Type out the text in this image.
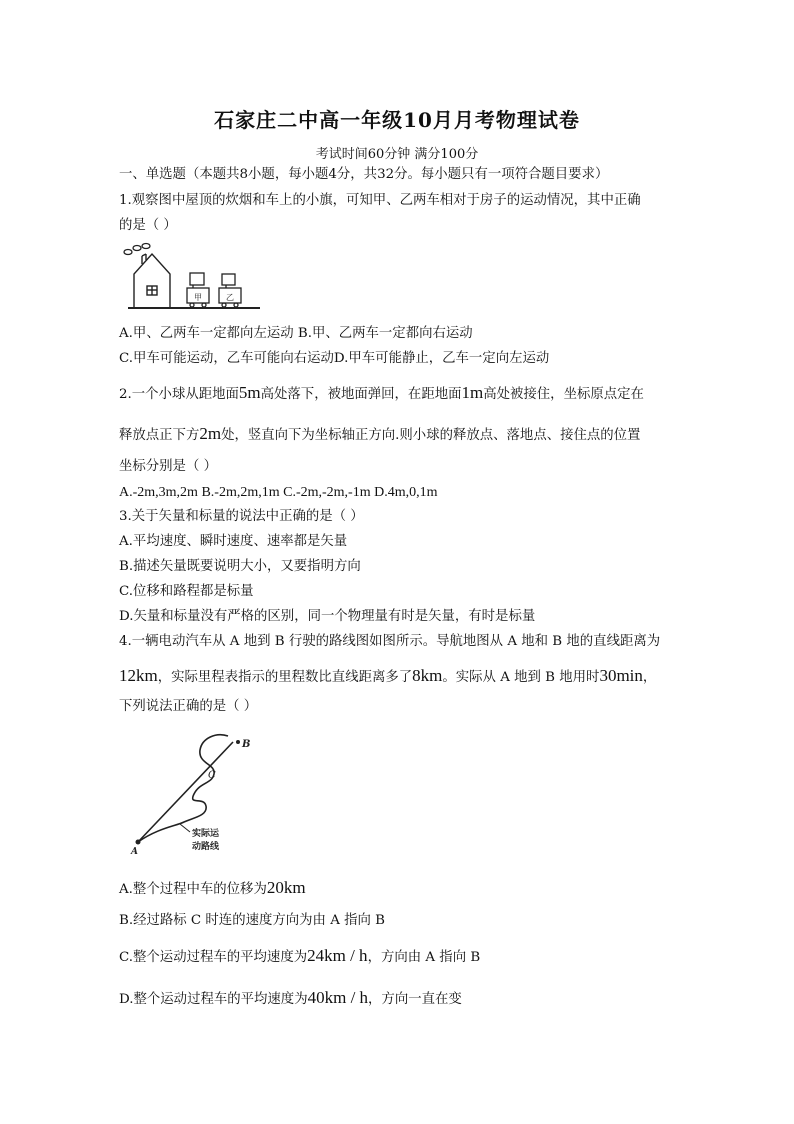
石家庄二中高一年级10月月考物理试卷
考试时间60分钟 满分100分
一、单选题（本题共8小题，每小题4分，共32分。每小题只有一项符合题目要求）
1.观察图中屋顶的炊烟和车上的小旗，可知甲、乙两车相对于房子的运动情况，其中正确
的是（ ）
甲	乙
A.甲、乙两车一定都向左运动 B.甲、乙两车一定都向右运动
C.甲车可能运动，乙车可能向右运动D.甲车可能静止，乙车一定向左运动
2.一个小球从距地面5m高处落下，被地面弹回，在距地面1m高处被接住，坐标原点定在
释放点正下方2m处，竖直向下为坐标轴正方向.则小球的释放点、落地点、接住点的位置
坐标分别是（ ）
A.-2m,3m,2m B.-2m,2m,1m C.-2m,-2m,-1m D.4m,0,1m
3.关于矢量和标量的说法中正确的是（ ）
A.平均速度、瞬时速度、速率都是矢量
B.描述矢量既要说明大小，又要指明方向
C.位移和路程都是标量
D.矢量和标量没有严格的区别，同一个物理量有时是矢量，有时是标量
4.一辆电动汽车从 A 地到 B 行驶的路线图如图所示。导航地图从 A 地和 B 地的直线距离为
12km，实际里程表指示的里程数比直线距离多了8km。实际从 A 地到 B 地用时30min，
下列说法正确的是（ ）
B
A
C
实际运
动路线
A.整个过程中车的位移为20km
B.经过路标 C 时连的速度方向为由 A 指向 B
C.整个运动过程车的平均速度为24km / h，方向由 A 指向 B
D.整个运动过程车的平均速度为40km / h，方向一直在变
